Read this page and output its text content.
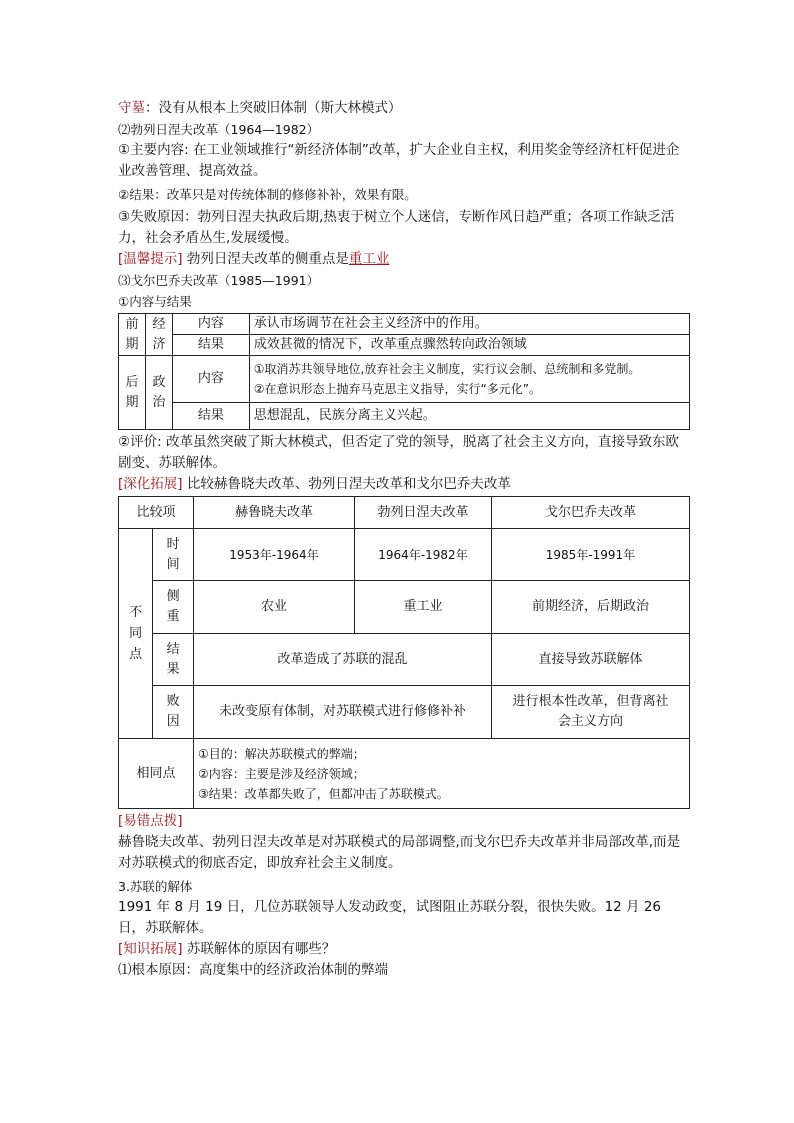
守墓：没有从根本上突破旧体制（斯大林模式）

⑵勃列日涅夫改革（1964—1982）

①主要内容: 在工业领域推行“新经济体制”改革，扩大企业自主权，利用奖金等经济杠杆促进企业改善管理、提高效益。

②结果：改革只是对传统体制的修修补补，效果有限。

③失败原因：勃列日涅夫执政后期,热衷于树立个人迷信，专断作风日趋严重；各项工作缺乏活力，社会矛盾丛生,发展缓慢。

[温馨提示] 勃列日涅夫改革的侧重点是重工业

⑶戈尔巴乔夫改革（1985—1991）

①内容与结果

前期	经济	内容	承认市场调节在社会主义经济中的作用。
		结果	成效甚微的情况下，改革重点骤然转向政治领域
后期	政治	内容	①取消苏共领导地位,放弃社会主义制度，实行议会制、总统制和多党制。
②在意识形态上抛弃马克思主义指导，实行“多元化”。

		结果	思想混乱，民族分离主义兴起。

②评价: 改革虽然突破了斯大林模式，但否定了党的领导，脱离了社会主义方向，直接导致东欧剧变、苏联解体。

[深化拓展] 比较赫鲁晓夫改革、勃列日涅夫改革和戈尔巴乔夫改革

比较项		赫鲁晓夫改革	勃列日涅夫改革	戈尔巴乔夫改革

不同点	时间	1953年-1964年	1964年-1982年	1985年-1991年

	侧重	农业	重工业	前期经济，后期政治

	结果	改革造成了苏联的混乱		直接导致苏联解体

	败因	未改变原有体制，对苏联模式进行修修补补		进行根本性改革，但背离社会主义方向

相同点		①目的：解决苏联模式的弊端；
②内容：主要是涉及经济领域；
③结果：改革都失败了，但都冲击了苏联模式。		

[易错点拨]

赫鲁晓夫改革、勃列日涅夫改革是对苏联模式的局部调整,而戈尔巴乔夫改革并非局部改革,而是对苏联模式的彻底否定，即放弃社会主义制度。

3.苏联的解体

1991 年 8 月 19 日，几位苏联领导人发动政变，试图阻止苏联分裂，很快失败。12 月 26 日，苏联解体。

[知识拓展] 苏联解体的原因有哪些？

⑴根本原因：高度集中的经济政治体制的弊端
